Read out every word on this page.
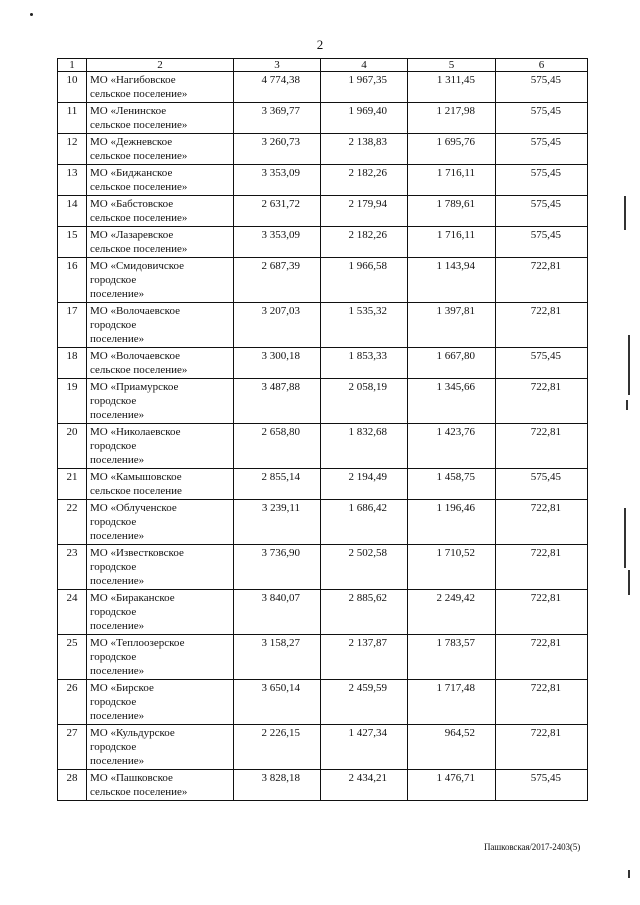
2
1	2	3	4	5	6
10	МО «Нагибовское
сельское поселение»	4 774,38	1 967,35	1 311,45	575,45
11	МО «Ленинское
сельское поселение»	3 369,77	1 969,40	1 217,98	575,45
12	МО «Дежневское
сельское поселение»	3 260,73	2 138,83	1 695,76	575,45
13	МО «Биджанское
сельское поселение»	3 353,09	2 182,26	1 716,11	575,45
14	МО «Бабстовское
сельское поселение»	2 631,72	2 179,94	1 789,61	575,45
15	МО «Лазаревское
сельское поселение»	3 353,09	2 182,26	1 716,11	575,45
16	МО «Смидовичское
городское
поселение»	2 687,39	1 966,58	1 143,94	722,81
17	МО «Волочаевское
городское
поселение»	3 207,03	1 535,32	1 397,81	722,81
18	МО «Волочаевское
сельское поселение»	3 300,18	1 853,33	1 667,80	575,45
19	МО «Приамурское
городское
поселение»	3 487,88	2 058,19	1 345,66	722,81
20	МО «Николаевское
городское
поселение»	2 658,80	1 832,68	1 423,76	722,81
21	МО «Камышовское
сельское поселение	2 855,14	2 194,49	1 458,75	575,45
22	МО «Облученское
городское
поселение»	3 239,11	1 686,42	1 196,46	722,81
23	МО «Известковское
городское
поселение»	3 736,90	2 502,58	1 710,52	722,81
24	МО «Бираканское
городское
поселение»	3 840,07	2 885,62	2 249,42	722,81
25	МО «Теплоозерское
городское
поселение»	3 158,27	2 137,87	1 783,57	722,81
26	МО «Бирское
городское
поселение»	3 650,14	2 459,59	1 717,48	722,81
27	МО «Кульдурское
городское
поселение»	2 226,15	1 427,34	964,52	722,81
28	МО «Пашковское
сельское поселение»	3 828,18	2 434,21	1 476,71	575,45
Пашковская/2017-2403(5)
